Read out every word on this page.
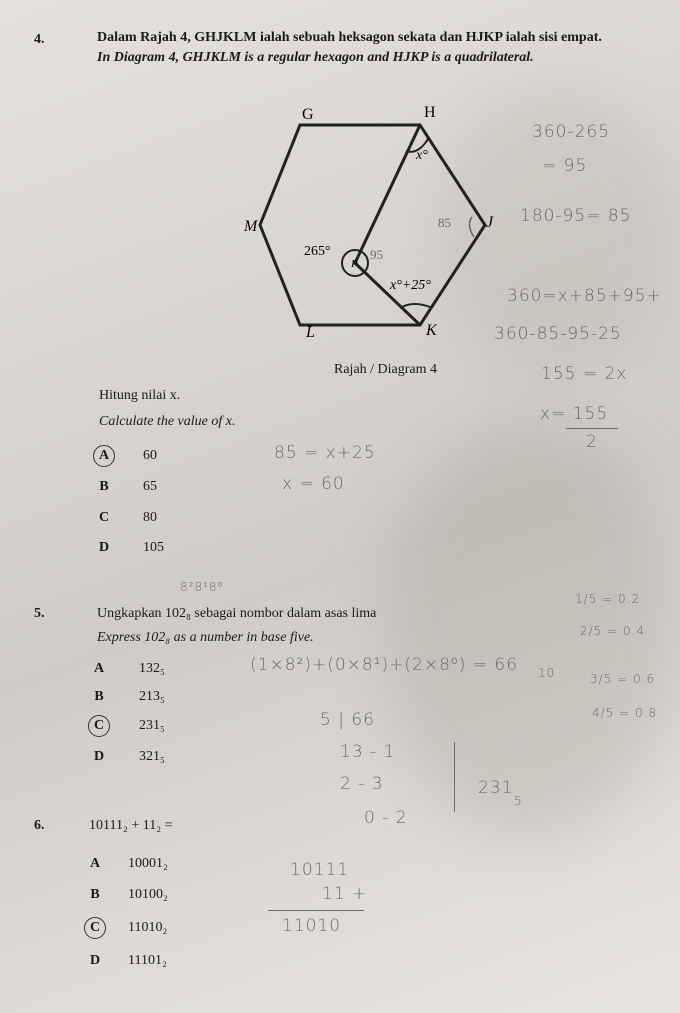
4.	Dalam Rajah 4, GHJKLM ialah sebuah heksagon sekata dan HJKP ialah sisi empat.
In Diagram 4, GHJKLM is a regular hexagon and HJKP is a quadrilateral.
G	H
J
K
L
M
P
x°
265°
x°+25°
85
95
Rajah / Diagram 4
Hitung nilai x.
Calculate the value of x.
A	60
B	65
C	80
D	105
5.	Ungkapkan 102₈ sebagai nombor dalam asas lima
Express 102₈ as a number in base five.
A	132₅
B	213₅
C	231₅
D	321₅
6.	10111₂ + 11₂ =
A	10001₂
B	10100₂
C	11010₂
D	11101₂
360-265
= 95
180-95= 85
360=x+85+95+
360-85-95-25
155 = 2x
x= 155
2
85 = x+25
x = 60
8²8¹8⁰
(1×8²)+(0×8¹)+(2×8⁰) = 66 10
5 | 66
13 - 1
2 - 3
0 - 2
231
5
1/5 = 0.2
2/5 = 0.4
3/5 = 0.6
4/5 = 0.8
10111
11 +
11010
